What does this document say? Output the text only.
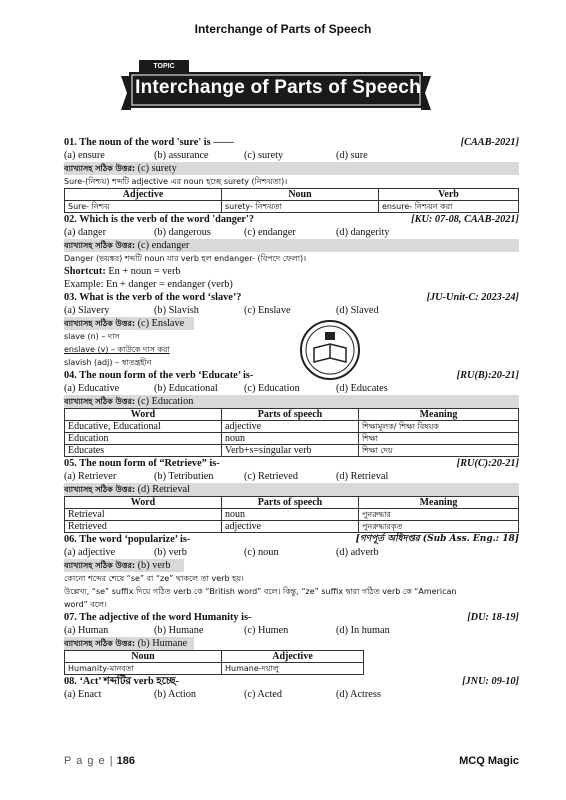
Interchange of Parts of Speech
TOPIC
Interchange of Parts of Speech
01. The noun of the word 'sure' is ——	[CAAB-2021]
(a) ensure	(b) assurance	(c) surety	(d) sure
ব্যাখ্যাসহ সঠিক উত্তর: (c) surety
Sure-(নিশ্চয়) শব্দটি adjective এর noun হচ্ছে surety (নিশ্চয়তা)।
Adjective	Noun	Verb
Sure- নিশ্চয়	surety- নিশ্চয়তা	ensure- নিশ্চয়ন করা
02. Which is the verb of the word 'danger'?	[KU: 07-08, CAAB-2021]
(a) danger	(b) dangerous	(c) endanger	(d) dangerity
ব্যাখ্যাসহ সঠিক উত্তর: (c) endanger
Danger (ভয়ঙ্কর) শব্দটি noun যার verb হল endanger- (বিপদে ফেলা)।
Shortcut: En + noun = verb
Example: En + danger = endanger (verb)
03. What is the verb of the word ‘slave’?	[JU-Unit-C: 2023-24]
(a) Slavery	(b) Slavish	(c) Enslave	(d) Slaved
ব্যাখ্যাসহ সঠিক উত্তর: (c) Enslave
slave (n) – দাস
enslave (v) – কাউকে দাস করা
slavish (adj) – স্বাতন্ত্রহীন
04. The noun form of the verb ‘Educate’ is-	[RU(B):20-21]
(a) Educative	(b) Educational	(c) Education	(d) Educates
ব্যাখ্যাসহ সঠিক উত্তর: (c) Education
Word	Parts of speech	Meaning
Educative, Educational	adjective	শিক্ষামূলক/ শিক্ষা বিষয়ক
Education	noun	শিক্ষা
Educates	Verb+s=singular verb	শিক্ষা দেয়
05. The noun form of “Retrieve” is-	[RU(C):20-21]
(a) Retriever	(b) Tetributien	(c) Retrieved	(d) Retrieval
ব্যাখ্যাসহ সঠিক উত্তর: (d) Retrieval
Word	Parts of speech	Meaning
Retrieval	noun	পুনরুদ্ধার
Retrieved	adjective	পুনরুদ্ধারকৃত
06. The word ‘popularize’ is-	[গণপূর্ত অধিদপ্তর (Sub Ass. Eng.: 18]
(a) adjective	(b) verb	(c) noun	(d) adverb
ব্যাখ্যাসহ সঠিক উত্তর: (b) verb
কোনো শব্দের শেষে “se” বা “ze” থাকলে তা verb হয়।
উল্লেখ্য, “se” suffix দিয়ে গঠিত verb কে “British word” বলে। কিন্তু, “ze” suffix দ্বারা গঠিত verb কে “American
word” বলে।
07. The adjective of the word Humanity is-	[DU: 18-19]
(a) Human	(b) Humane	(c) Humen	(d) In human
ব্যাখ্যাসহ সঠিক উত্তর: (b) Humane
Noun	Adjective
Humanity-মানবতা	Humane-দয়ালু
08. ‘Act’ শব্দটির verb হচ্ছে-	[JNU: 09-10]
(a) Enact	(b) Action	(c) Acted	(d) Actress
P a g e | 186	MCQ Magic
